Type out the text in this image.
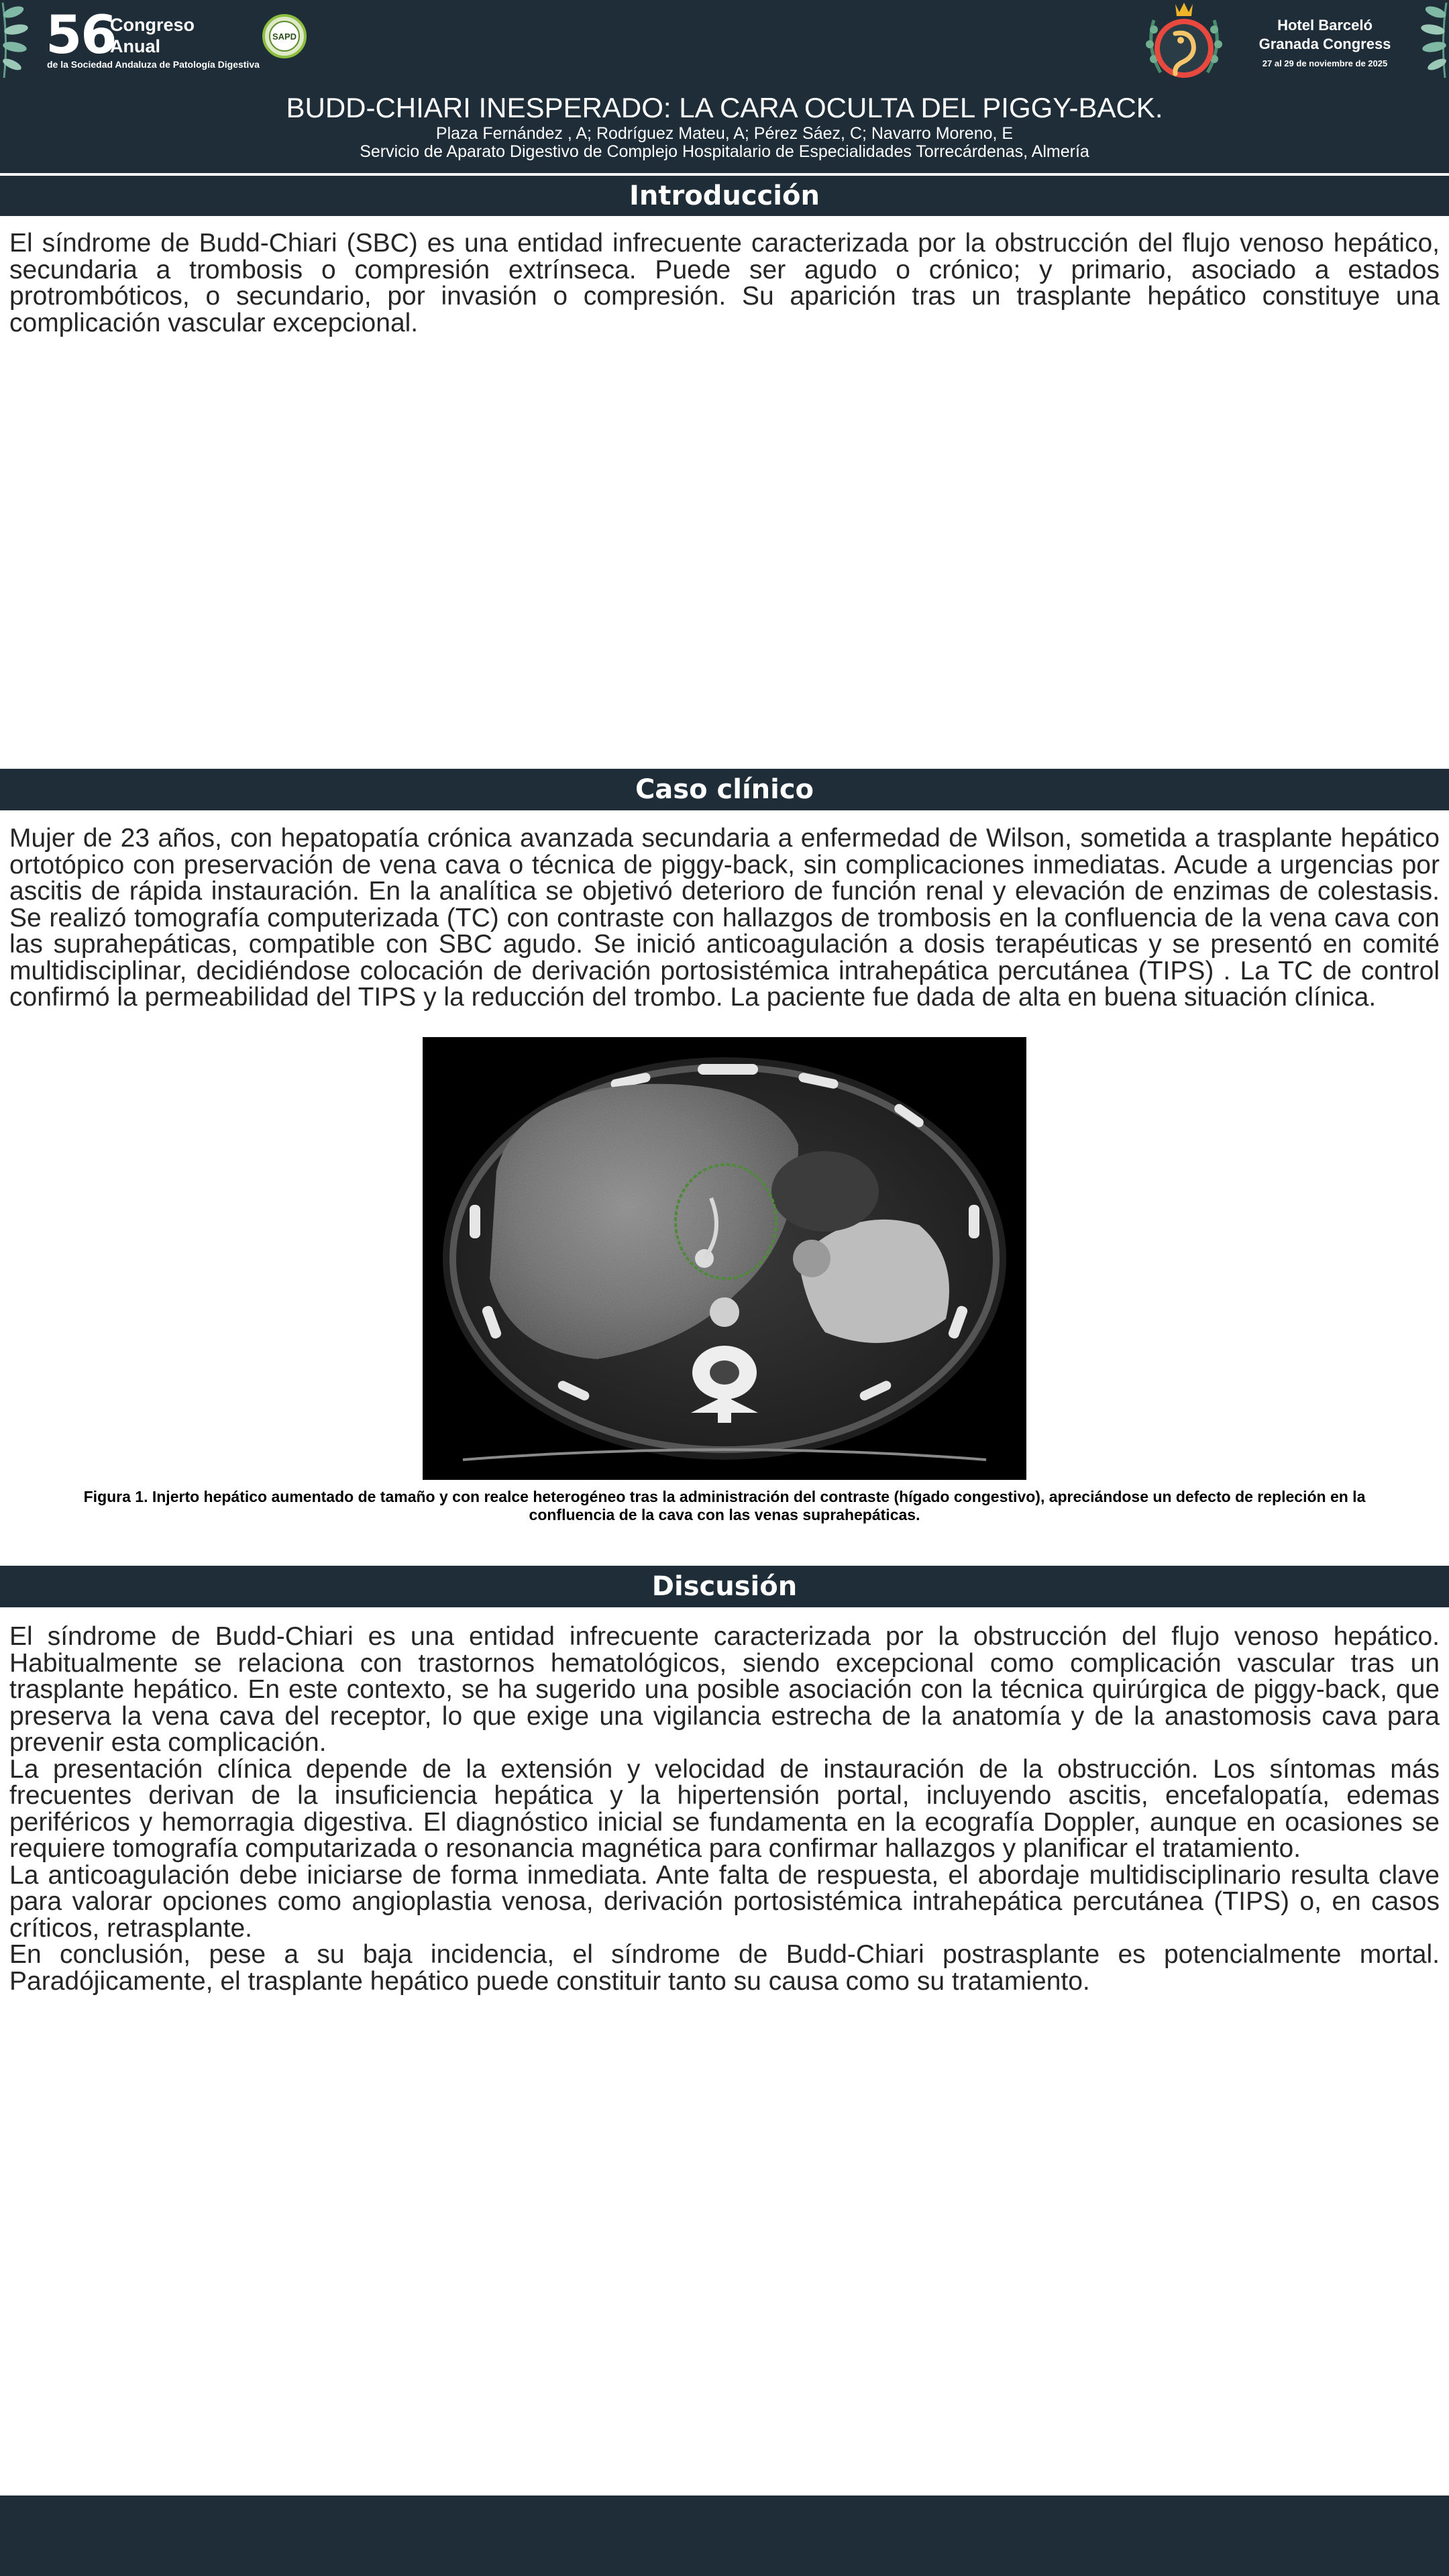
56
Congreso
Anual
de la Sociedad Andaluza de Patología Digestiva
SAPD
Hotel Barceló
Granada Congress
27 al 29 de noviembre de 2025
BUDD-CHIARI INESPERADO: LA CARA OCULTA DEL PIGGY-BACK.
Plaza Fernández , A; Rodríguez Mateu, A; Pérez Sáez, C; Navarro Moreno, E
Servicio de Aparato Digestivo de Complejo Hospitalario de Especialidades Torrecárdenas, Almería
Introducción

El síndrome de Budd-Chiari (SBC) es una entidad infrecuente caracterizada por la obstrucción del flujo venoso hepático, secundaria a trombosis o compresión extrínseca. Puede ser agudo o crónico; y primario, asociado a estados protrombóticos, o secundario, por invasión o compresión. Su aparición tras un trasplante hepático constituye una complicación vascular excepcional.

Caso clínico

Mujer de 23 años, con hepatopatía crónica avanzada secundaria a enfermedad de Wilson, sometida a trasplante hepático ortotópico con preservación de vena cava o técnica de piggy-back, sin complicaciones inmediatas. Acude a urgencias por ascitis de rápida instauración. En la analítica se objetivó deterioro de función renal y elevación de enzimas de colestasis. Se realizó tomografía computerizada (TC) con contraste con hallazgos de trombosis en la confluencia de la vena cava con las suprahepáticas, compatible con SBC agudo. Se inició anticoagulación a dosis terapéuticas y se presentó en comité multidisciplinar, decidiéndose colocación de derivación portosistémica intrahepática percutánea (TIPS) . La TC de control confirmó la permeabilidad del TIPS y la reducción del trombo. La paciente fue dada de alta en buena situación clínica.

Figura 1. Injerto hepático aumentado de tamaño y con realce heterogéneo tras la administración del contraste (hígado congestivo), apreciándose un defecto de repleción en la confluencia de la cava con las venas suprahepáticas.
Discusión

El síndrome de Budd-Chiari es una entidad infrecuente caracterizada por la obstrucción del flujo venoso hepático. Habitualmente se relaciona con trastornos hematológicos, siendo excepcional como complicación vascular tras un trasplante hepático. En este contexto, se ha sugerido una posible asociación con la técnica quirúrgica de piggy-back, que preserva la vena cava del receptor, lo que exige una vigilancia estrecha de la anatomía y de la anastomosis cava para prevenir esta complicación.

La presentación clínica depende de la extensión y velocidad de instauración de la obstrucción. Los síntomas más frecuentes derivan de la insuficiencia hepática y la hipertensión portal, incluyendo ascitis, encefalopatía, edemas periféricos y hemorragia digestiva. El diagnóstico inicial se fundamenta en la ecografía Doppler, aunque en ocasiones se requiere tomografía computarizada o resonancia magnética para confirmar hallazgos y planificar el tratamiento.

La anticoagulación debe iniciarse de forma inmediata. Ante falta de respuesta, el abordaje multidisciplinario resulta clave para valorar opciones como angioplastia venosa, derivación portosistémica intrahepática percutánea (TIPS) o, en casos críticos, retrasplante.

En conclusión, pese a su baja incidencia, el síndrome de Budd-Chiari postrasplante es potencialmente mortal. Paradójicamente, el trasplante hepático puede constituir tanto su causa como su tratamiento.
